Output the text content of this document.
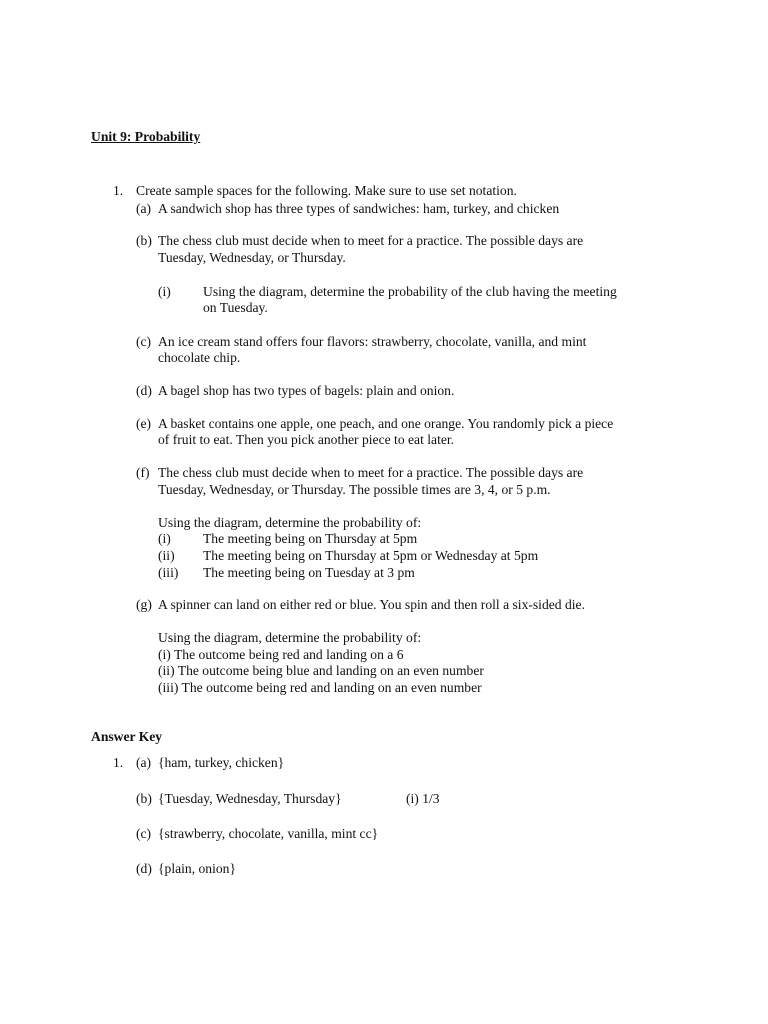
Unit 9: Probability
1. Create sample spaces for the following. Make sure to use set notation.
(a) A sandwich shop has three types of sandwiches: ham, turkey, and chicken
(b) The chess club must decide when to meet for a practice. The possible days are
Tuesday, Wednesday, or Thursday.
(i) Using the diagram, determine the probability of the club having the meeting
on Tuesday.
(c) An ice cream stand offers four flavors: strawberry, chocolate, vanilla, and mint
chocolate chip.
(d) A bagel shop has two types of bagels: plain and onion.
(e) A basket contains one apple, one peach, and one orange. You randomly pick a piece
of fruit to eat. Then you pick another piece to eat later.
(f) The chess club must decide when to meet for a practice. The possible days are
Tuesday, Wednesday, or Thursday. The possible times are 3, 4, or 5 p.m.
Using the diagram, determine the probability of:
(i) The meeting being on Thursday at 5pm
(ii) The meeting being on Thursday at 5pm or Wednesday at 5pm
(iii) The meeting being on Tuesday at 3 pm
(g) A spinner can land on either red or blue. You spin and then roll a six-sided die.
Using the diagram, determine the probability of:
(i) The outcome being red and landing on a 6
(ii) The outcome being blue and landing on an even number
(iii) The outcome being red and landing on an even number
Answer Key
1. (a) {ham, turkey, chicken}
(b) {Tuesday, Wednesday, Thursday}	(i) 1/3
(c) {strawberry, chocolate, vanilla, mint cc}
(d) {plain, onion}
